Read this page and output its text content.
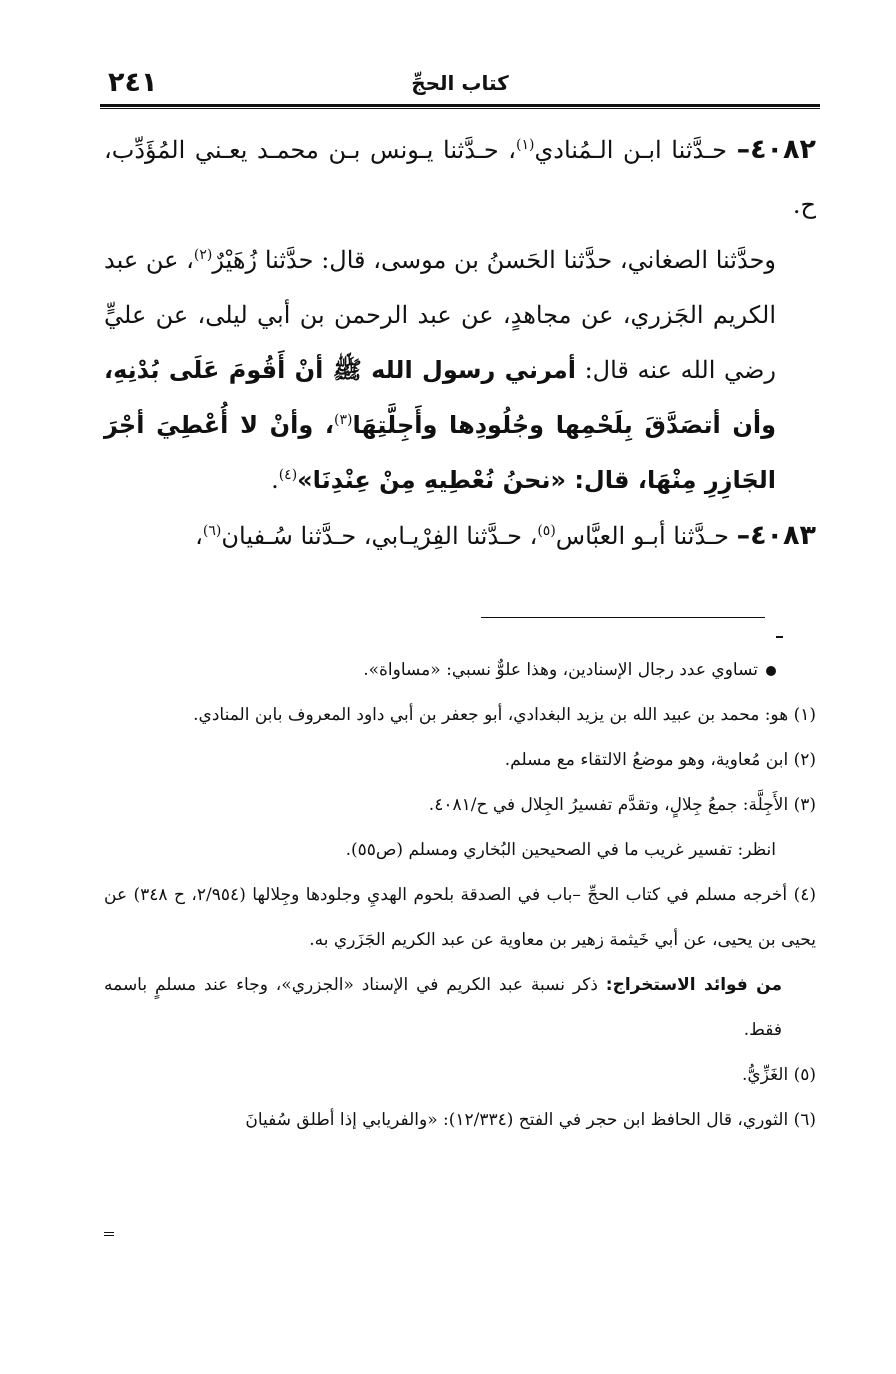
٢٤١	كتاب الحجِّ

٤٠٨٢– حـدَّثنا ابـن الـمُنادي$^{(١)}$، حـدَّثنا يـونس بـن محمـد يعـني المُؤَدِّب، ح.

وحدَّثنا الصغاني، حدَّثنا الحَسنُ بن موسى، قال: حدَّثنا زُهَيْرٌ$^{(٢)}$، عن عبد الكريم الجَزري، عن مجاهدٍ، عن عبد الرحمن بن أبي ليلى، عن عليٍّ رضي الله عنه قال: أمرني رسول الله ﷺ أنْ أَقُومَ عَلَى بُدْنِهِ، وأن أتصَدَّقَ بِلَحْمِها وجُلُودِها وأَجِلَّتِهَا$^{(٣)}$، وأنْ لا أُعْطِيَ أجْرَ الجَازِرِ مِنْهَا، قال: «نحنُ نُعْطِيهِ مِنْ عِنْدِنَا»$^{(٤)}$.

٤٠٨٣– حـدَّثنا أبـو العبَّاس$^{(٥)}$، حـدَّثنا الفِرْيـابي، حـدَّثنا سُـفيان$^{(٦)}$،

تساوي عدد رجال الإسنادين، وهذا علوٌّ نسبي: «مساواة».

(١) هو: محمد بن عبيد الله بن يزيد البغدادي، أبو جعفر بن أبي داود المعروف بابن المنادي.

(٢) ابن مُعاوية، وهو موضعُ الالتقاء مع مسلم.

(٣) الأَجِلَّة: جمعُ جِلالٍ، وتقدَّم تفسيرُ الجِلال في ح/٤٠٨١.

انظر: تفسير غريب ما في الصحيحين البُخاري ومسلم (ص٥٥).

(٤) أخرجه مسلم في كتاب الحجِّ –باب في الصدقة بلحوم الهديِ وجلودها وجِلالها (٢/٩٥٤، ح ٣٤٨) عن يحيى بن يحيى، عن أبي خَيثمة زهير بن معاوية عن عبد الكريم الجَزَري به.

من فوائد الاستخراج: ذكر نسبة عبد الكريم في الإسناد «الجزري»، وجاء عند مسلمٍ باسمه فقط.

(٥) الغَزِّيُّ.

(٦) الثوري، قال الحافظ ابن حجر في الفتح (١٢/٣٣٤): «والفريابي إذا أطلق سُفيانَ
